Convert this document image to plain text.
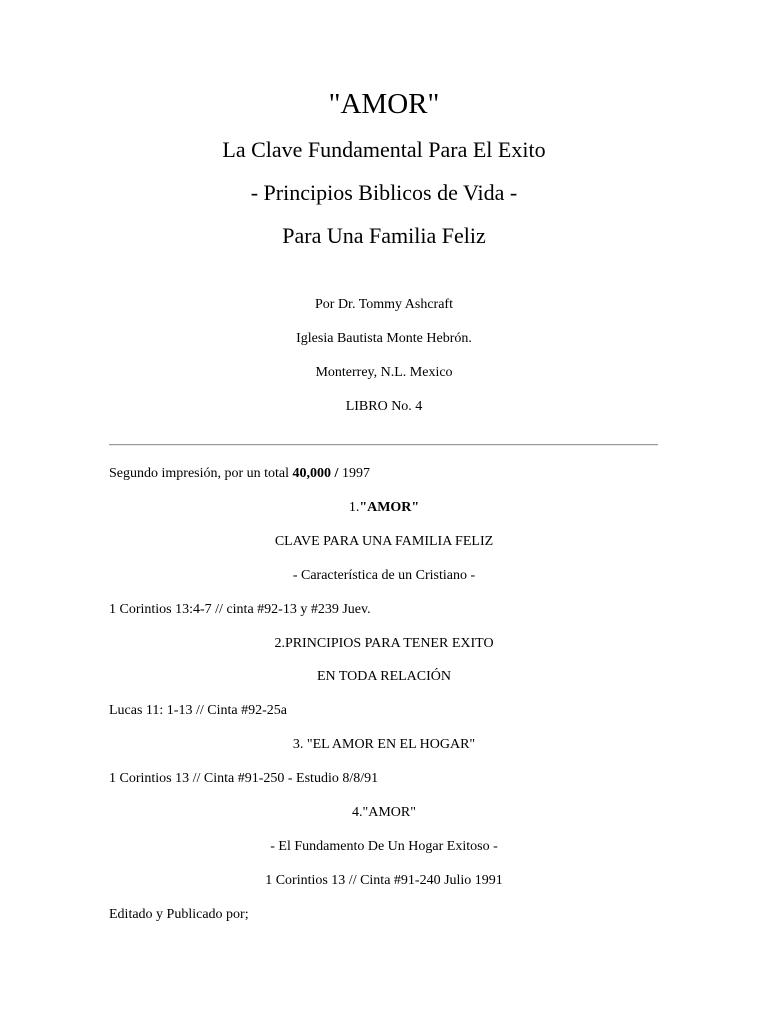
"AMOR"
La Clave Fundamental Para El Exito
- Principios Biblicos de Vida -
Para Una Familia Feliz
Por Dr. Tommy Ashcraft
Iglesia Bautista Monte Hebrón.
Monterrey, N.L. Mexico
LIBRO No. 4
Segundo impresión, por un total 40,000 / 1997
1."AMOR"
CLAVE PARA UNA FAMILIA FELIZ
- Característica de un Cristiano -
1 Corintios 13:4-7 // cinta #92-13 y #239 Juev.
2.PRINCIPIOS PARA TENER EXITO
EN TODA RELACIÓN
Lucas 11: 1-13 // Cinta #92-25a
3. "EL AMOR EN EL HOGAR"
1 Corintios 13 // Cinta #91-250 - Estudio 8/8/91
4."AMOR"
- El Fundamento De Un Hogar Exitoso -
1 Corintios 13 // Cinta #91-240 Julio 1991
Editado y Publicado por;
